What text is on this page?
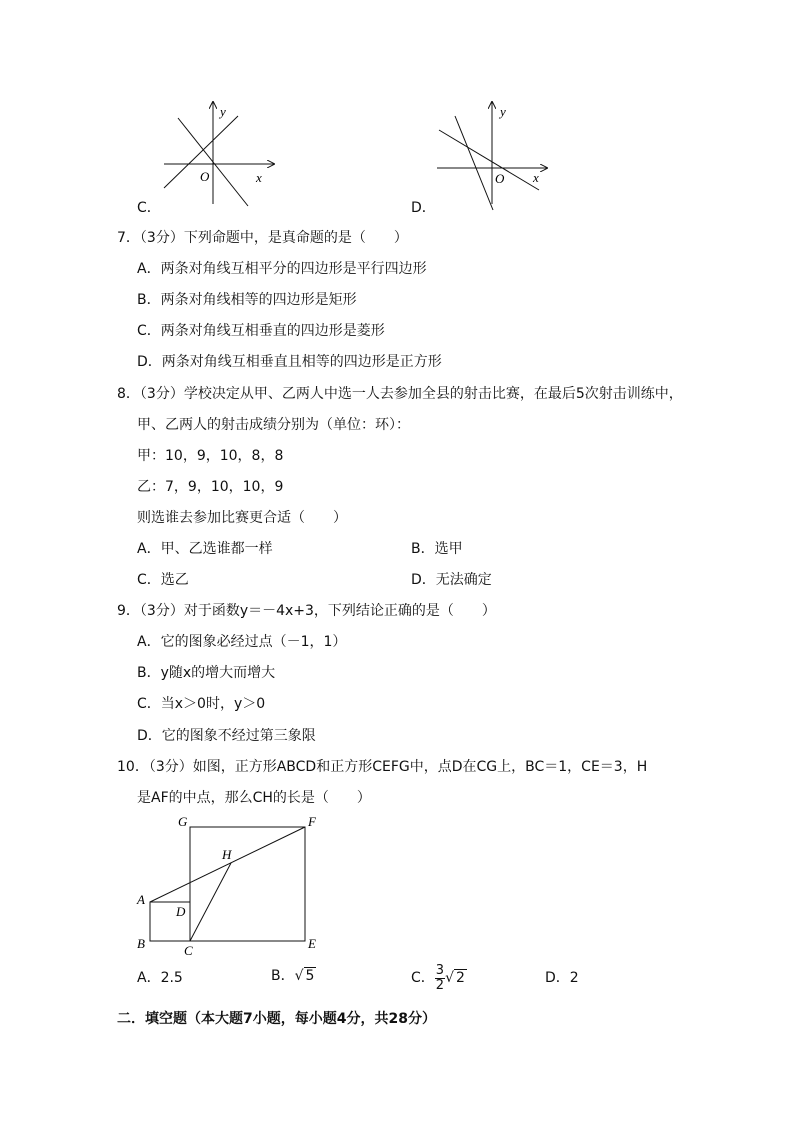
y
x
O
C．
y
x
O
D．
7．（3分）下列命题中，是真命题的是（　　）
A．两条对角线互相平分的四边形是平行四边形
B．两条对角线相等的四边形是矩形
C．两条对角线互相垂直的四边形是菱形
D．两条对角线互相垂直且相等的四边形是正方形
8．（3分）学校决定从甲、乙两人中选一人去参加全县的射击比赛，在最后5次射击训练中，
甲、乙两人的射击成绩分别为（单位：环）：
甲：10，9，10，8，8
乙：7，9，10，10，9
则选谁去参加比赛更合适（　　）
A．甲、乙选谁都一样	B．选甲
C．选乙	D．无法确定
9．（3分）对于函数y＝－4x+3，下列结论正确的是（　　）
A．它的图象必经过点（－1，1）
B．y随x的增大而增大
C．当x＞0时，y＞0
D．它的图象不经过第三象限
10．（3分）如图，正方形ABCD和正方形CEFG中，点D在CG上，BC＝1，CE＝3，H
是AF的中点，那么CH的长是（　　）
G	F
H
A
D
B	C	E
A．2.5	B．√ 5	C． $\frac{3}{2}$ √ 2	D．2
二．填空题（本大题7小题，每小题4分，共28分）
